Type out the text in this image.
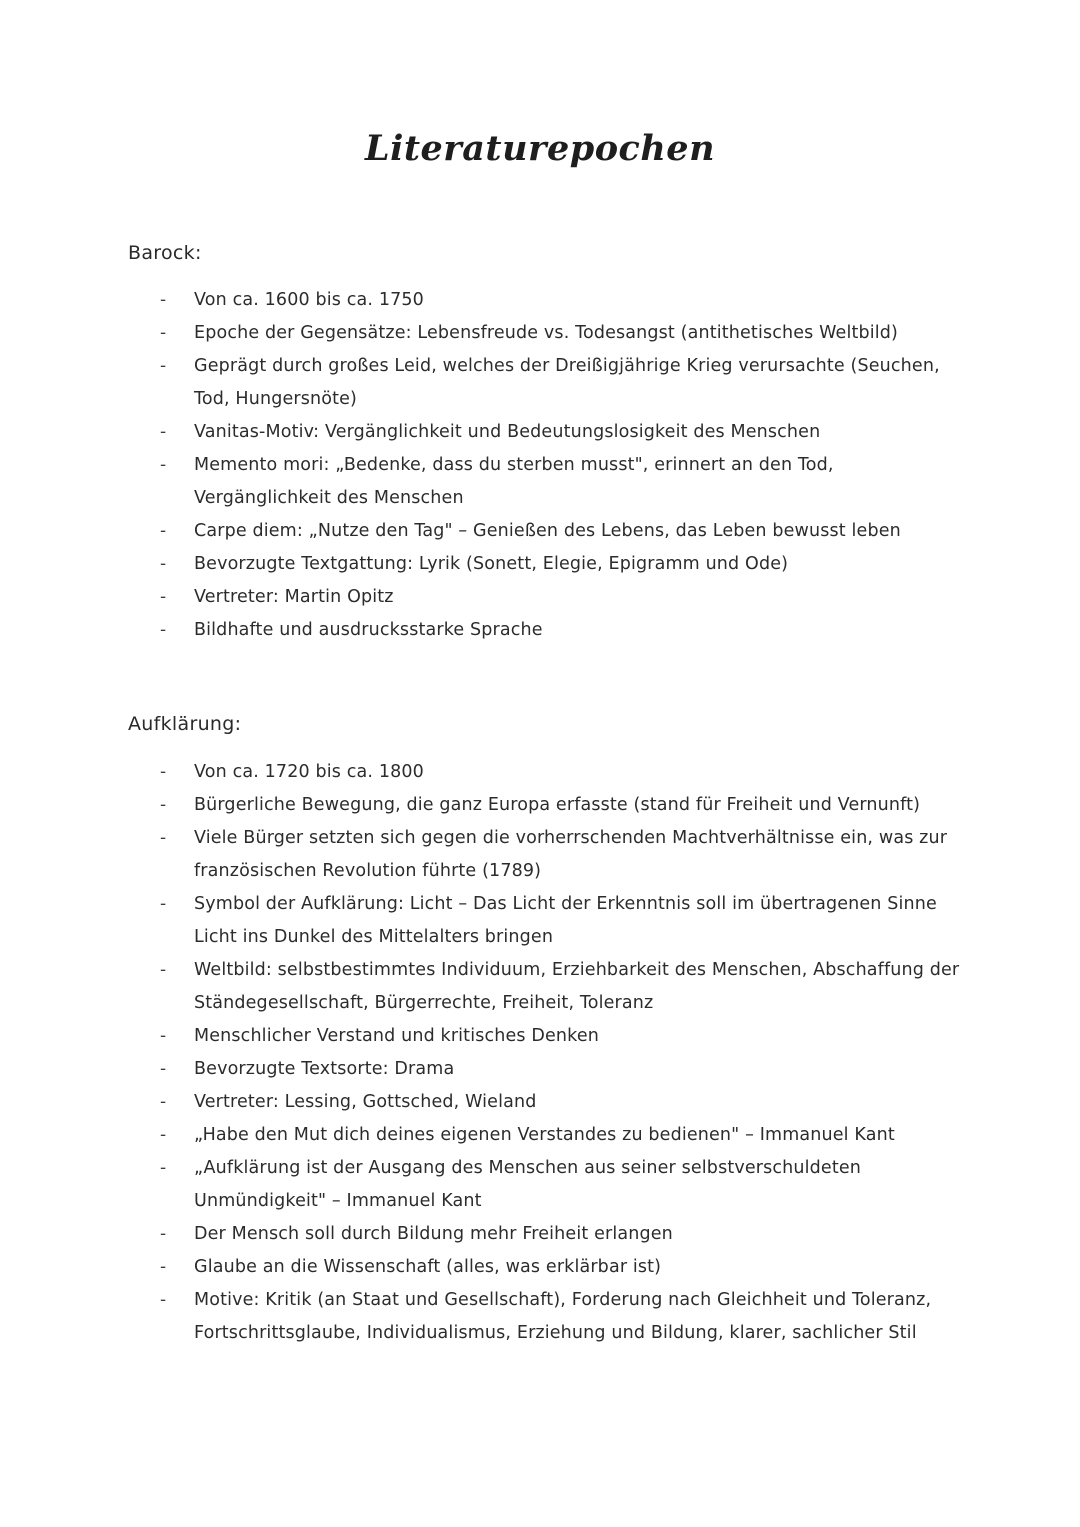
Literaturepochen
Barock:
- Von ca. 1600 bis ca. 1750
- Epoche der Gegensätze: Lebensfreude vs. Todesangst (antithetisches Weltbild)
- Geprägt durch großes Leid, welches der Dreißigjährige Krieg verursachte (Seuchen, Tod, Hungersnöte)
- Vanitas-Motiv: Vergänglichkeit und Bedeutungslosigkeit des Menschen
- Memento mori: „Bedenke, dass du sterben musst", erinnert an den Tod, Vergänglichkeit des Menschen
- Carpe diem: „Nutze den Tag" – Genießen des Lebens, das Leben bewusst leben
- Bevorzugte Textgattung: Lyrik (Sonett, Elegie, Epigramm und Ode)
- Vertreter: Martin Opitz
- Bildhafte und ausdrucksstarke Sprache
Aufklärung:
- Von ca. 1720 bis ca. 1800
- Bürgerliche Bewegung, die ganz Europa erfasste (stand für Freiheit und Vernunft)
- Viele Bürger setzten sich gegen die vorherrschenden Machtverhältnisse ein, was zur französischen Revolution führte (1789)
- Symbol der Aufklärung: Licht – Das Licht der Erkenntnis soll im übertragenen Sinne Licht ins Dunkel des Mittelalters bringen
- Weltbild: selbstbestimmtes Individuum, Erziehbarkeit des Menschen, Abschaffung der Ständegesellschaft, Bürgerrechte, Freiheit, Toleranz
- Menschlicher Verstand und kritisches Denken
- Bevorzugte Textsorte: Drama
- Vertreter: Lessing, Gottsched, Wieland
- „Habe den Mut dich deines eigenen Verstandes zu bedienen" – Immanuel Kant
- „Aufklärung ist der Ausgang des Menschen aus seiner selbstverschuldeten Unmündigkeit" – Immanuel Kant
- Der Mensch soll durch Bildung mehr Freiheit erlangen
- Glaube an die Wissenschaft (alles, was erklärbar ist)
- Motive: Kritik (an Staat und Gesellschaft), Forderung nach Gleichheit und Toleranz, Fortschrittsglaube, Individualismus, Erziehung und Bildung, klarer, sachlicher Stil
